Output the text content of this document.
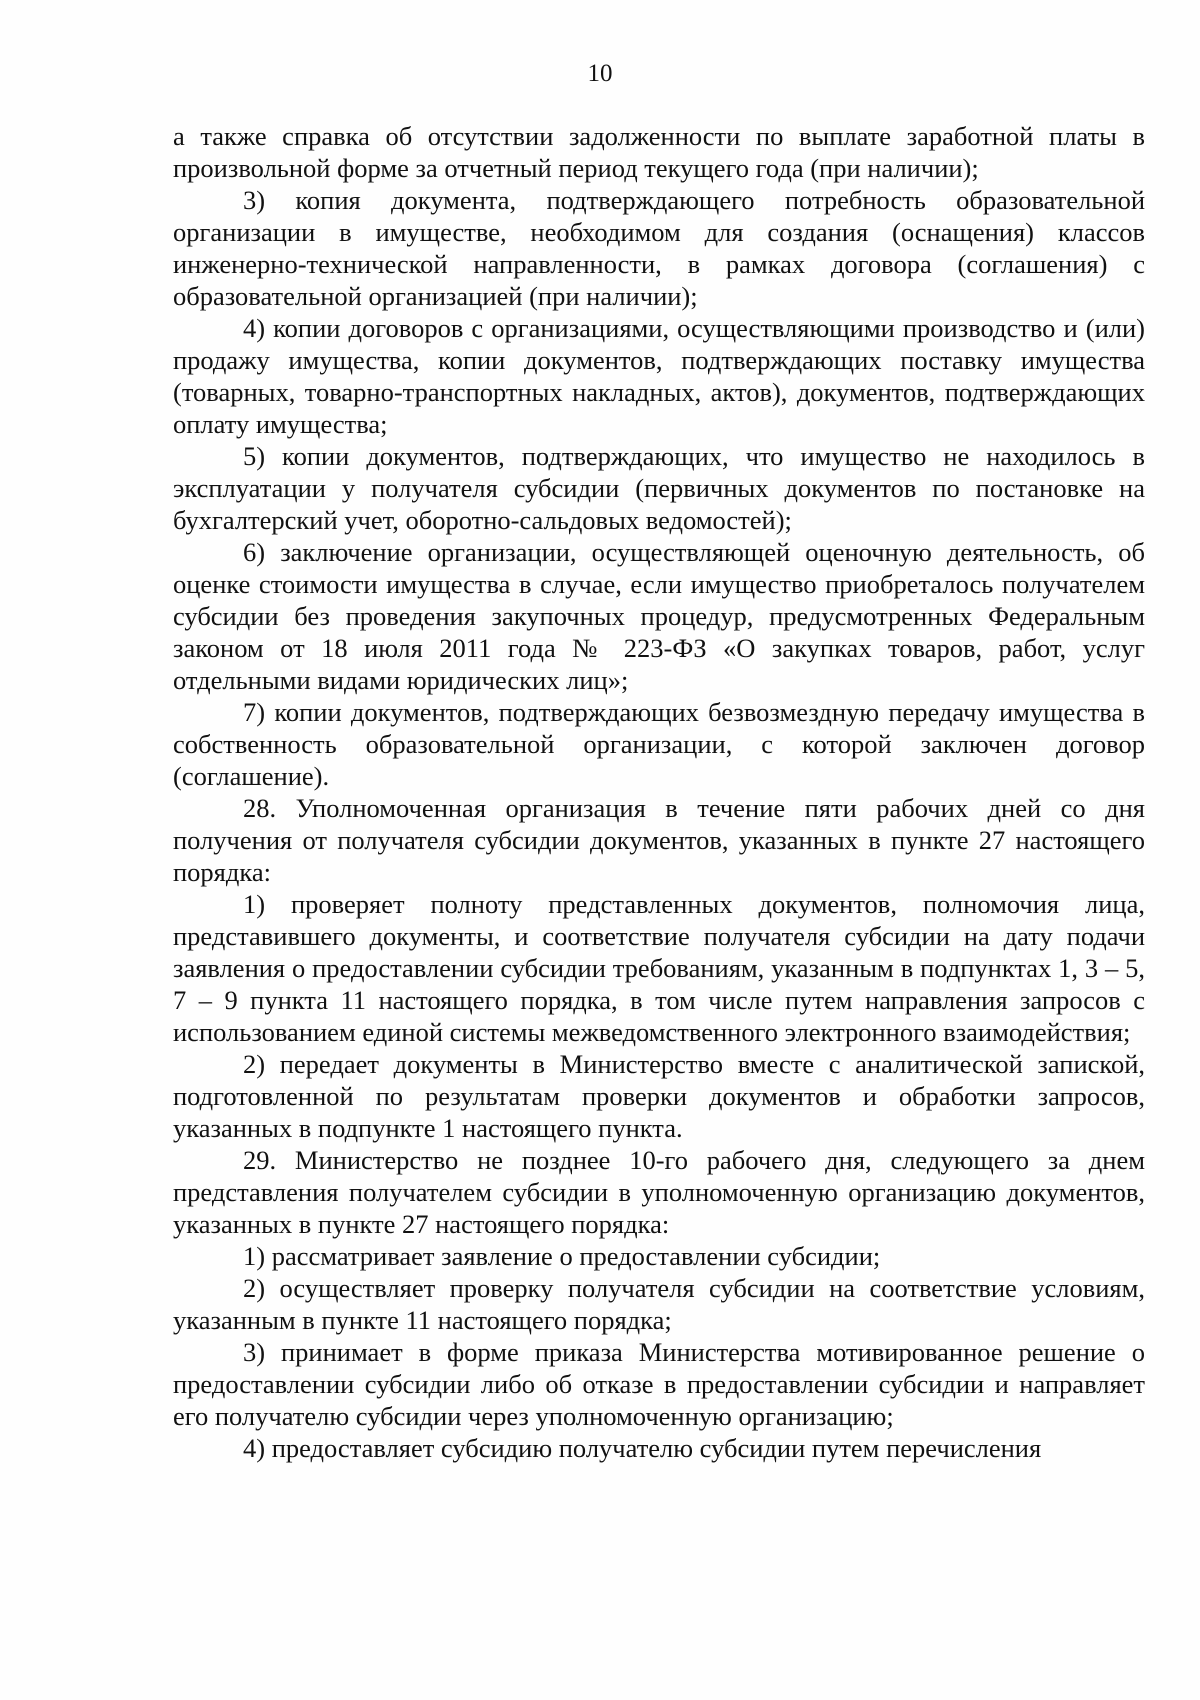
10

а также справка об отсутствии задолженности по выплате заработной платы в произвольной форме за отчетный период текущего года (при наличии);

3) копия документа, подтверждающего потребность образовательной организации в имуществе, необходимом для создания (оснащения) классов инженерно-технической направленности, в рамках договора (соглашения) с образовательной организацией (при наличии);

4) копии договоров с организациями, осуществляющими производство и (или) продажу имущества, копии документов, подтверждающих поставку имущества (товарных, товарно-транспортных накладных, актов), документов, подтверждающих оплату имущества;

5) копии документов, подтверждающих, что имущество не находилось в эксплуатации у получателя субсидии (первичных документов по постановке на бухгалтерский учет, оборотно-сальдовых ведомостей);

6) заключение организации, осуществляющей оценочную деятельность, об оценке стоимости имущества в случае, если имущество приобреталось получателем субсидии без проведения закупочных процедур, предусмотренных Федеральным законом от 18 июля 2011 года № 223-ФЗ «О закупках товаров, работ, услуг отдельными видами юридических лиц»;

7) копии документов, подтверждающих безвозмездную передачу имущества в собственность образовательной организации, с которой заключен договор (соглашение).

28. Уполномоченная организация в течение пяти рабочих дней со дня получения от получателя субсидии документов, указанных в пункте 27 настоящего порядка:

1) проверяет полноту представленных документов, полномочия лица, представившего документы, и соответствие получателя субсидии на дату подачи заявления о предоставлении субсидии требованиям, указанным в подпунктах 1, 3 – 5, 7 – 9 пункта 11 настоящего порядка, в том числе путем направления запросов с использованием единой системы межведомственного электронного взаимодействия;

2) передает документы в Министерство вместе с аналитической запиской, подготовленной по результатам проверки документов и обработки запросов, указанных в подпункте 1 настоящего пункта.

29. Министерство не позднее 10-го рабочего дня, следующего за днем представления получателем субсидии в уполномоченную организацию документов, указанных в пункте 27 настоящего порядка:

1) рассматривает заявление о предоставлении субсидии;

2) осуществляет проверку получателя субсидии на соответствие условиям, указанным в пункте 11 настоящего порядка;

3) принимает в форме приказа Министерства мотивированное решение о предоставлении субсидии либо об отказе в предоставлении субсидии и направляет его получателю субсидии через уполномоченную организацию;

4) предоставляет субсидию получателю субсидии путем перечисления
